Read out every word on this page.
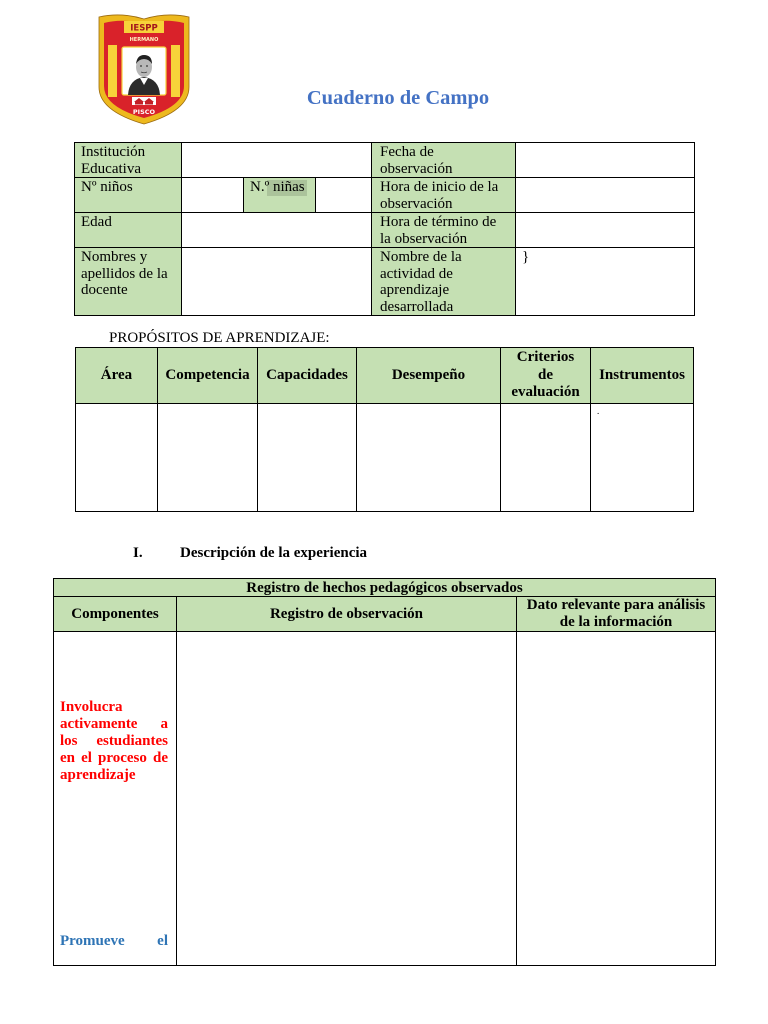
IESPP
HERMANO
PISCO
Cuaderno de Campo
Institución
Educativa				Fecha de
observación	
Nº niños		N.º niñas		Hora de inicio de la
observación	
Edad				Hora de término de
la observación	
Nombres y
apellidos de la
docente				Nombre de la
actividad de
aprendizaje
desarrollada	}
PROPÓSITOS DE APRENDIZAJE:
Área	Competencia	Capacidades	Desempeño	Criterios
de
evaluación	Instrumentos

					.
I. Descripción de la experiencia
Registro de hechos pedagógicos observados		
Componentes	Registro de observación	Dato relevante para análisis
de la información

Involucra activamente a los estudiantes en el proceso de aprendizaje

Promueve el		
